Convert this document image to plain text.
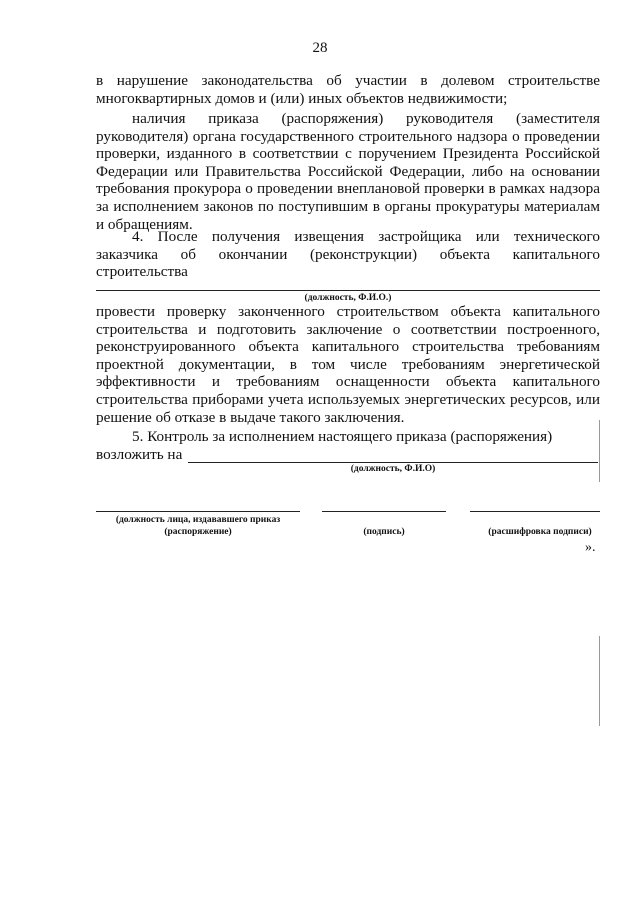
28
в нарушение законодательства об участии в долевом строительстве многоквартирных домов и (или) иных объектов недвижимости;
наличия приказа (распоряжения) руководителя (заместителя руководителя) органа государственного строительного надзора о проведении проверки, изданного в соответствии с поручением Президента Российской Федерации или Правительства Российской Федерации, либо на основании требования прокурора о проведении внеплановой проверки в рамках надзора за исполнением законов по поступившим в органы прокуратуры материалам и обращениям.
4. После получения извещения застройщика или технического заказчика об окончании (реконструкции) объекта капитального строительства
(должность, Ф.И.О.)
провести проверку законченного строительством объекта капитального строительства и подготовить заключение о соответствии построенного, реконструированного объекта капитального строительства требованиям проектной документации, в том числе требованиям энергетической эффективности и требованиям оснащенности объекта капитального строительства приборами учета используемых энергетических ресурсов, или решение об отказе в выдаче такого заключения.
5. Контроль за исполнением настоящего приказа (распоряжения)
возложить на
(должность, Ф.И.О)
(должность лица, издававшего приказ
(распоряжение)	(подпись)	(расшифровка подписи)
».
